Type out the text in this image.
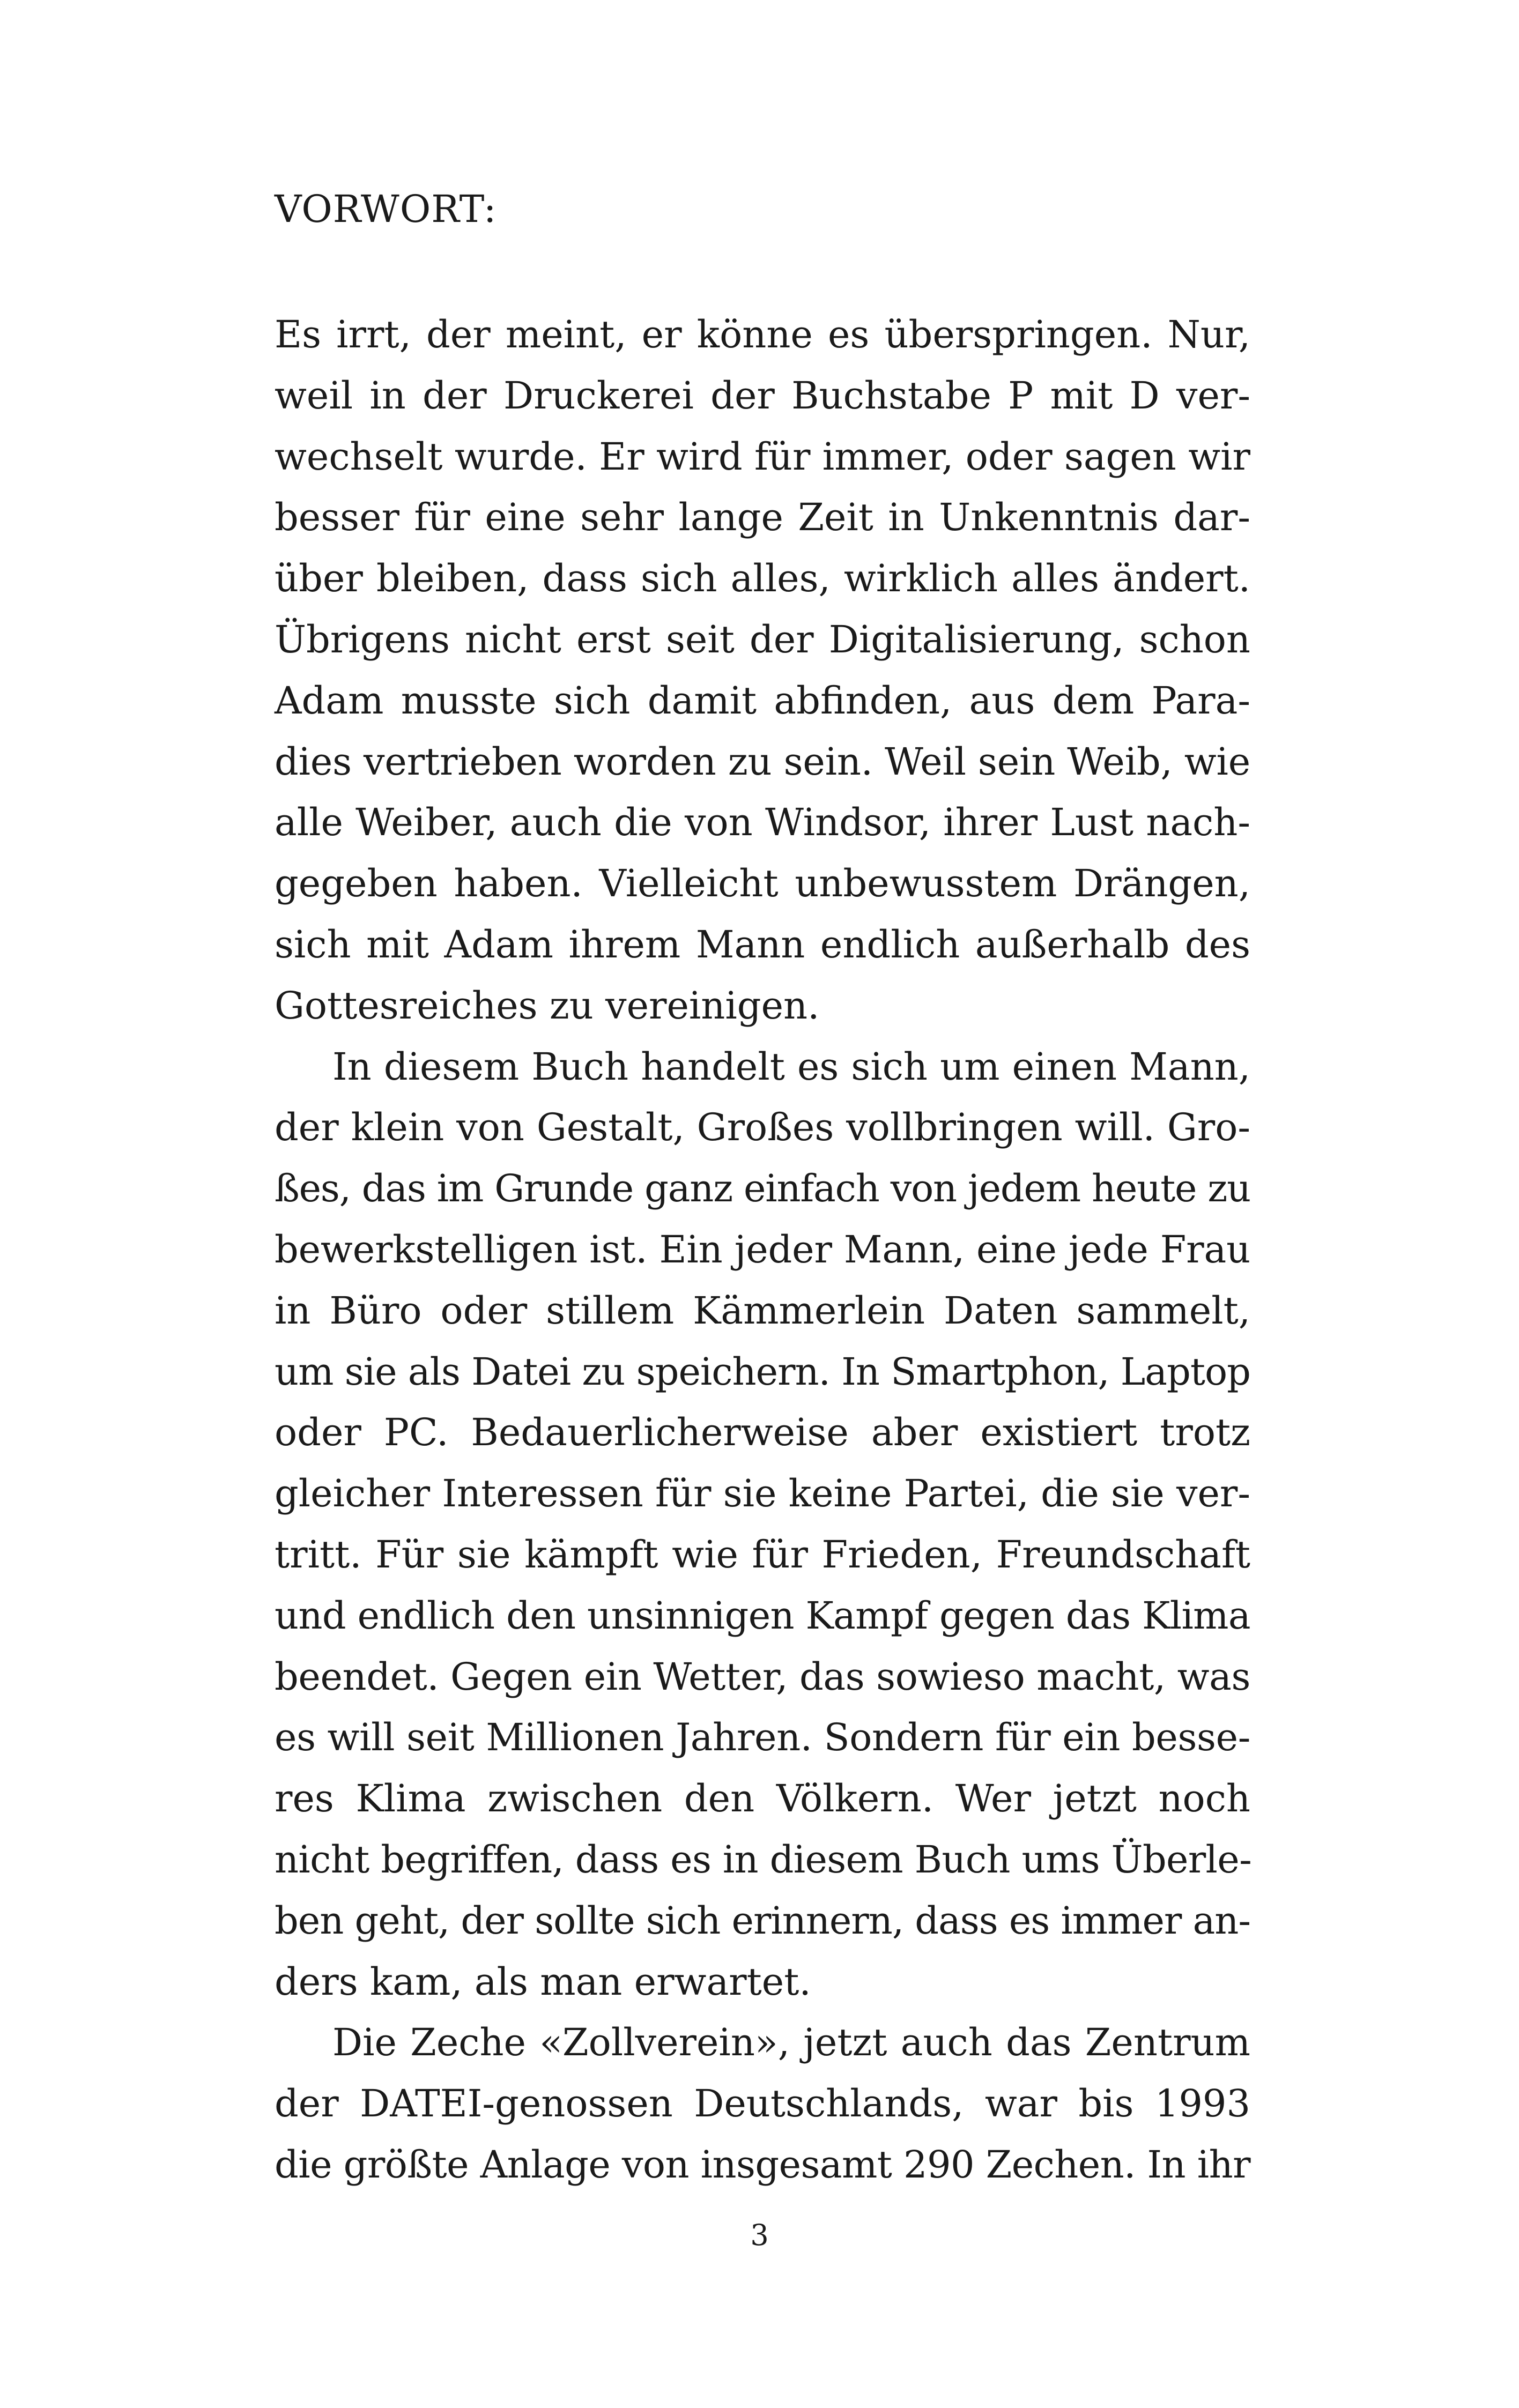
VORWORT:
Es irrt, der meint, er könne es überspringen. Nur,
weil in der Druckerei der Buchstabe P mit D ver-
wechselt wurde. Er wird für immer, oder sagen wir
besser für eine sehr lange Zeit in Unkenntnis dar-
über bleiben, dass sich alles, wirklich alles ändert.
Übrigens nicht erst seit der Digitalisierung, schon
Adam musste sich damit abfinden, aus dem Para-
dies vertrieben worden zu sein. Weil sein Weib, wie
alle Weiber, auch die von Windsor, ihrer Lust nach-
gegeben haben. Vielleicht unbewusstem Drängen,
sich mit Adam ihrem Mann endlich außerhalb des
Gottesreiches zu vereinigen.
In diesem Buch handelt es sich um einen Mann,
der klein von Gestalt, Großes vollbringen will. Gro-
ßes, das im Grunde ganz einfach von jedem heute zu
bewerkstelligen ist. Ein jeder Mann, eine jede Frau
in Büro oder stillem Kämmerlein Daten sammelt,
um sie als Datei zu speichern. In Smartphon, Laptop
oder PC. Bedauerlicherweise aber existiert trotz
gleicher Interessen für sie keine Partei, die sie ver-
tritt. Für sie kämpft wie für Frieden, Freundschaft
und endlich den unsinnigen Kampf gegen das Klima
beendet. Gegen ein Wetter, das sowieso macht, was
es will seit Millionen Jahren. Sondern für ein besse-
res Klima zwischen den Völkern. Wer jetzt noch
nicht begriffen, dass es in diesem Buch ums Überle-
ben geht, der sollte sich erinnern, dass es immer an-
ders kam, als man erwartet.
Die Zeche «Zollverein», jetzt auch das Zentrum
der DATEI-genossen Deutschlands, war bis 1993
die größte Anlage von insgesamt 290 Zechen. In ihr
3
